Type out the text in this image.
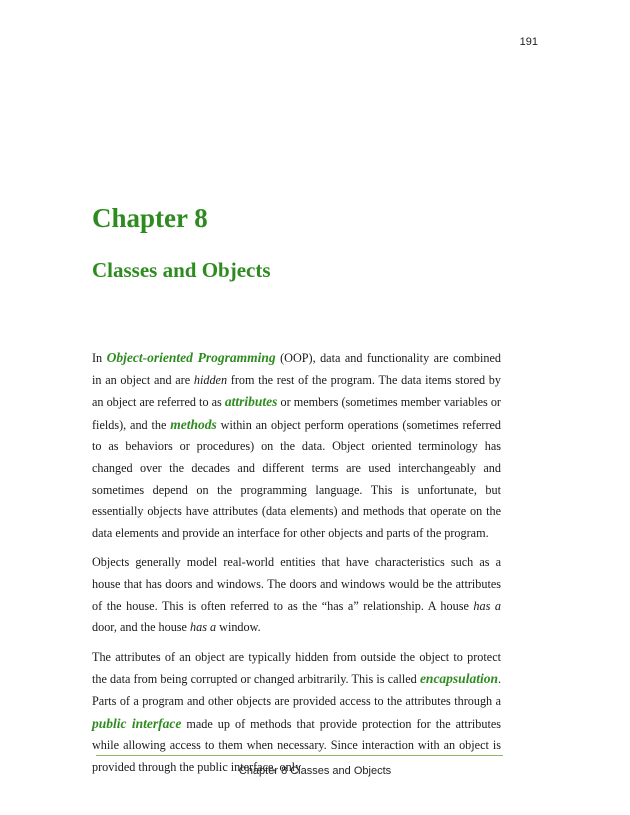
191
Chapter 8
Classes and Objects

In Object-oriented Programming (OOP), data and functionality are combined in an object and are hidden from the rest of the program. The data items stored by an object are referred to as attributes or members (sometimes member variables or fields), and the methods within an object perform operations (sometimes referred to as behaviors or procedures) on the data. Object oriented terminology has changed over the decades and different terms are used interchangeably and sometimes depend on the programming language. This is unfortunate, but essentially objects have attributes (data elements) and methods that operate on the data elements and provide an interface for other objects and parts of the program.

Objects generally model real-world entities that have characteristics such as a house that has doors and windows. The doors and windows would be the attributes of the house. This is often referred to as the “has a” relationship. A house has a door, and the house has a window.

The attributes of an object are typically hidden from outside the object to protect the data from being corrupted or changed arbitrarily. This is called encapsulation. Parts of a program and other objects are provided access to the attributes through a public interface made up of methods that provide protection for the attributes while allowing access to them when necessary. Since interaction with an object is provided through the public interface, only

Chapter 8 Classes and Objects
